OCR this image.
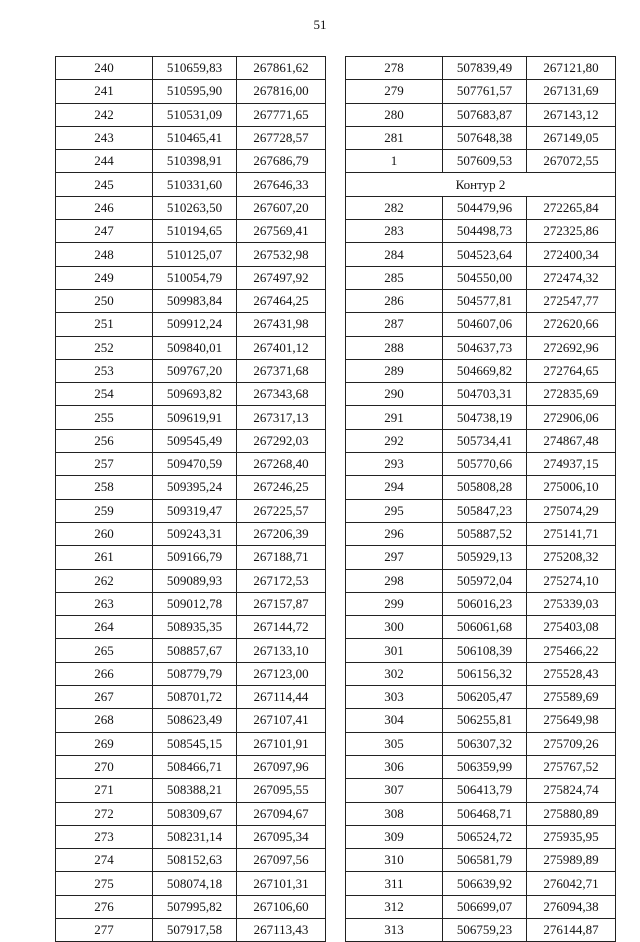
51
240	510659,83	267861,62
241	510595,90	267816,00
242	510531,09	267771,65
243	510465,41	267728,57
244	510398,91	267686,79
245	510331,60	267646,33
246	510263,50	267607,20
247	510194,65	267569,41
248	510125,07	267532,98
249	510054,79	267497,92
250	509983,84	267464,25
251	509912,24	267431,98
252	509840,01	267401,12
253	509767,20	267371,68
254	509693,82	267343,68
255	509619,91	267317,13
256	509545,49	267292,03
257	509470,59	267268,40
258	509395,24	267246,25
259	509319,47	267225,57
260	509243,31	267206,39
261	509166,79	267188,71
262	509089,93	267172,53
263	509012,78	267157,87
264	508935,35	267144,72
265	508857,67	267133,10
266	508779,79	267123,00
267	508701,72	267114,44
268	508623,49	267107,41
269	508545,15	267101,91
270	508466,71	267097,96
271	508388,21	267095,55
272	508309,67	267094,67
273	508231,14	267095,34
274	508152,63	267097,56
275	508074,18	267101,31
276	507995,82	267106,60
277	507917,58	267113,43
278	507839,49	267121,80
279	507761,57	267131,69
280	507683,87	267143,12
281	507648,38	267149,05
1	507609,53	267072,55
Контур 2		
282	504479,96	272265,84
283	504498,73	272325,86
284	504523,64	272400,34
285	504550,00	272474,32
286	504577,81	272547,77
287	504607,06	272620,66
288	504637,73	272692,96
289	504669,82	272764,65
290	504703,31	272835,69
291	504738,19	272906,06
292	505734,41	274867,48
293	505770,66	274937,15
294	505808,28	275006,10
295	505847,23	275074,29
296	505887,52	275141,71
297	505929,13	275208,32
298	505972,04	275274,10
299	506016,23	275339,03
300	506061,68	275403,08
301	506108,39	275466,22
302	506156,32	275528,43
303	506205,47	275589,69
304	506255,81	275649,98
305	506307,32	275709,26
306	506359,99	275767,52
307	506413,79	275824,74
308	506468,71	275880,89
309	506524,72	275935,95
310	506581,79	275989,89
311	506639,92	276042,71
312	506699,07	276094,38
313	506759,23	276144,87
